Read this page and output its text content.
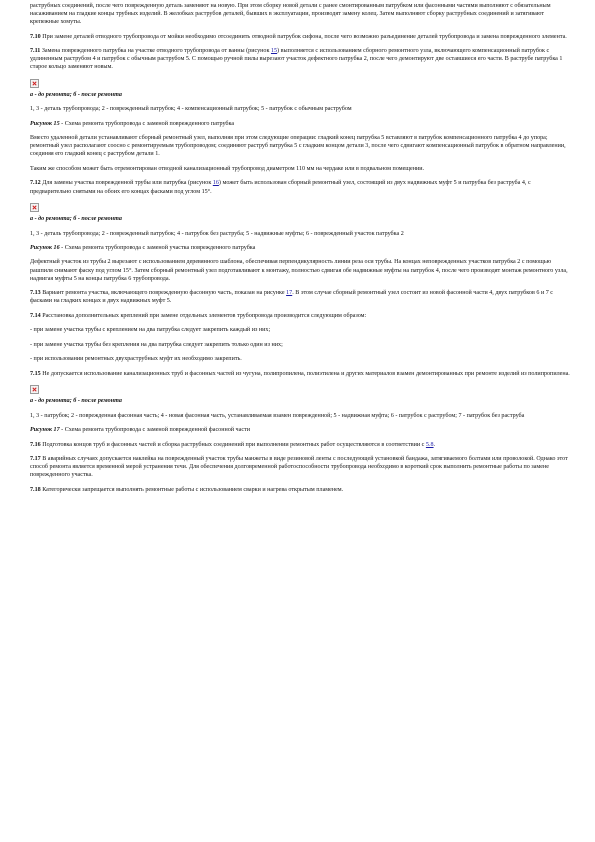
раструбных соединений, после чего поврежденную деталь заменяют на новую. При этом сборку новой детали с ранее смонтированным патрубком или фасонными частями выполняют с обязательным насаживанием на гладкие концы трубных изделий. В желобках раструбов деталей, бывших в эксплуатации, производят замену колец. Затем выполняют сборку раструбных соединений и затягивают крепежные хомуты.

7.10 При замене деталей отводного трубопровода от мойки необходимо отсоединить отводной патрубок сифона, после чего возможно разъединение деталей трубопровода и замена поврежденного элемента.

7.11 Замена поврежденного патрубка на участке отводного трубопровода от ванны (рисунок 15) выполняется с использованием сборного ремонтного узла, включающего компенсационный патрубок с удлиненным раструбом 4 и патрубок с обычным раструбом 5. С помощью ручной пилы вырезают участок дефектного патрубка 2, после чего демонтируют две оставшиеся его части. В раструбе патрубка 1 старое кольцо заменяют новым.

а - до ремонта; б - после ремонта

1, 3 - деталь трубопровода; 2 - поврежденный патрубок; 4 - компенсационный патрубок; 5 - патрубок с обычным раструбом

Рисунок 15 - Схема ремонта трубопровода с заменой поврежденного патрубка

Вместо удаленной детали устанавливают сборный ремонтный узел, выполняя при этом следующие операции: гладкий конец патрубка 5 вставляют в патрубок компенсационного патрубка 4 до упора; ремонтный узел располагают соосно с ремонтируемым трубопроводом; соединяют раструб патрубка 5 с гладким концом детали 3, после чего сдвигают компенсационный патрубок в обратном направлении, соединяя его гладкий конец с раструбом детали 1.

Таким же способом может быть отремонтирован отводной канализационный трубопровод диаметром 110 мм на чердаке или в подвальном помещении.

7.12 Для замены участка поврежденной трубы или патрубка (рисунок 16) может быть использован сборный ремонтный узел, состоящий из двух надвижных муфт 5 и патрубка без раструба 4, с предварительно снятыми на обоих его концах фасками под углом 15°.

а - до ремонта; б - после ремонта

1, 3 - деталь трубопровода; 2 - поврежденный патрубок; 4 - патрубок без раструба; 5 - надвижные муфты; 6 - поврежденный участок патрубка 2

Рисунок 16 - Схема ремонта трубопровода с заменой участка поврежденного патрубка

Дефектный участок из трубы 2 вырезают с использованием деревянного шаблона, обеспечивая перпендикулярность линии реза оси трубы. На концах неповрежденных участков патрубка 2 с помощью рашпиля снимают фаску под углом 15°. Затем сборный ремонтный узел подготавливают к монтажу, полностью сдвигая обе надвижные муфты на патрубок 4, после чего производят монтаж ремонтного узла, надвигая муфты 5 на концы патрубка 6 трубопровода.

7.13 Вариант ремонта участка, включающего поврежденную фасонную часть, показан на рисунке 17. В этом случае сборный ремонтный узел состоит из новой фасонной части 4, двух патрубков 6 и 7 с фасками на гладких концах и двух надвижных муфт 5.

7.14 Расстановка дополнительных креплений при замене отдельных элементов трубопровода производится следующим образом:

- при замене участка трубы с креплением на два патрубка следует закрепить каждый из них;

- при замене участка трубы без крепления на два патрубка следует закрепить только один из них;

- при использовании ремонтных двухраструбных муфт их необходимо закрепить.

7.15 Не допускается использование канализационных труб и фасонных частей из чугуна, полипропилена, полиэтилена и других материалов взамен демонтированных при ремонте изделий из полипропилена.

а - до ремонта; б - после ремонта

1, 3 - патрубок; 2 - поврежденная фасонная часть; 4 - новая фасонная часть, устанавливаемая взамен поврежденной; 5 - надвижная муфта; 6 - патрубок с раструбом; 7 - патрубок без раструба

Рисунок 17 - Схема ремонта трубопровода с заменой поврежденной фасонной части

7.16 Подготовка концов труб и фасонных частей и сборка раструбных соединений при выполнении ремонтных работ осуществляются в соответствии с 5.8.

7.17 В аварийных случаях допускается наклейка на поврежденный участок трубы манжеты в виде резиновой ленты с последующей установкой бандажа, затягиваемого болтами или проволокой. Однако этот способ ремонта является временной мерой устранения течи. Для обеспечения долговременной работоспособности трубопровода необходимо в короткий срок выполнить ремонтные работы по замене поврежденного участка.

7.18 Категорически запрещается выполнять ремонтные работы с использованием сварки и нагрева открытым пламенем.
